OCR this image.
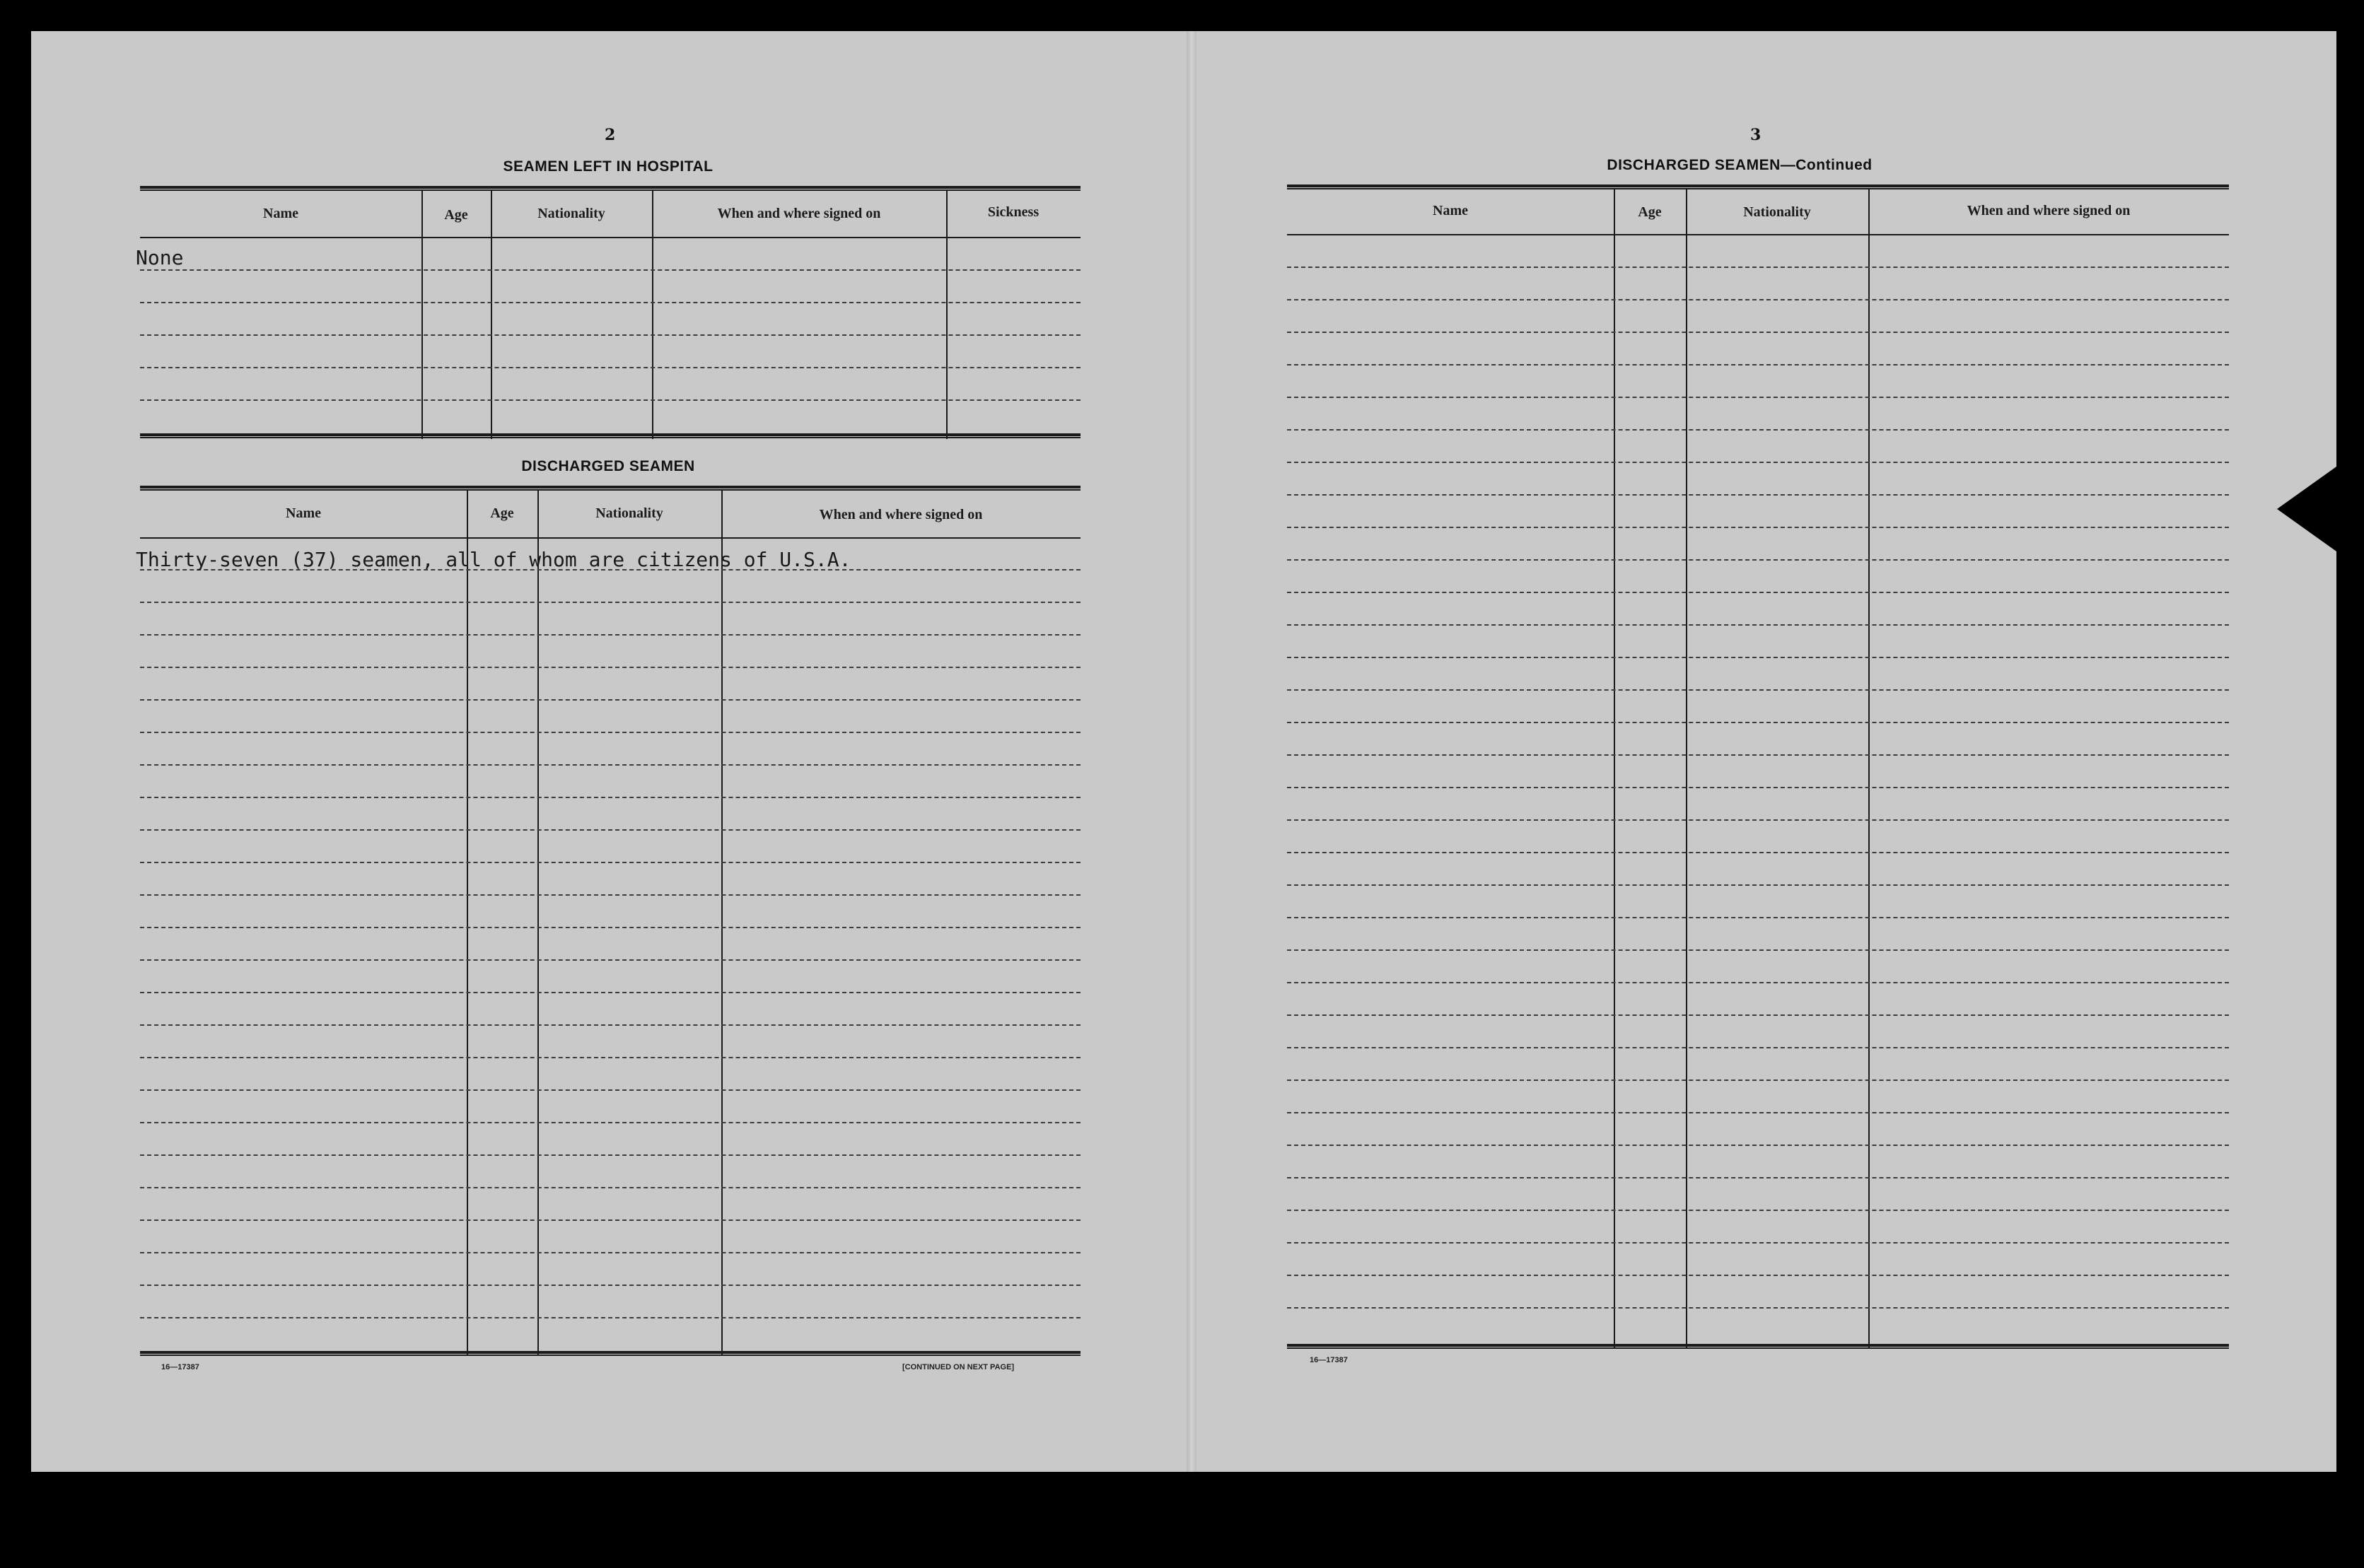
2
SEAMEN LEFT IN HOSPITAL
Name	Age	Nationality	When and where signed on	Sickness
None
DISCHARGED SEAMEN
Name	Age	Nationality	When and where signed on
Thirty-seven (37) seamen, all of whom are citizens of U.S.A.
16—17387	[CONTINUED ON NEXT PAGE]
3
DISCHARGED SEAMEN—Continued
Name	Age	Nationality	When and where signed on
16—17387
